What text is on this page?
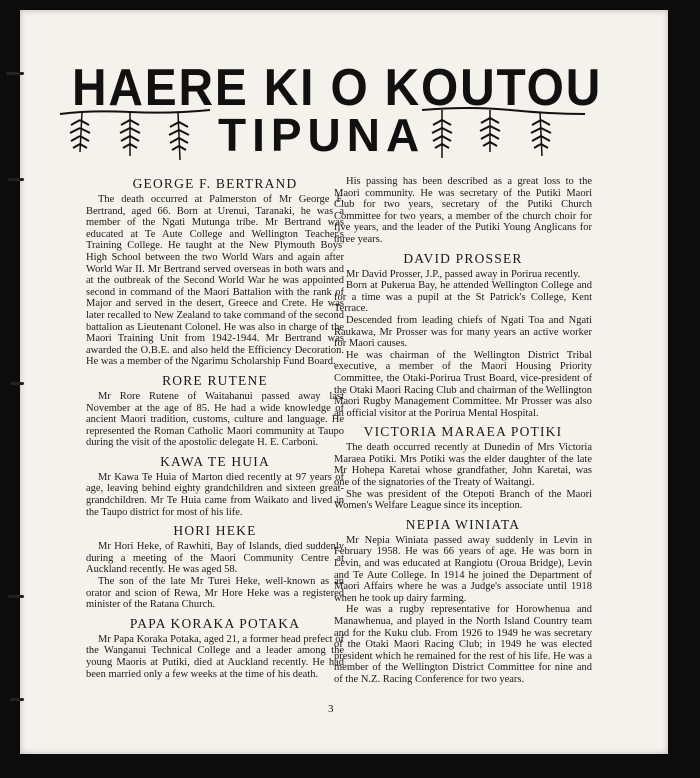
HAERE KI O KOUTOU
TIPUNA
GEORGE F. BERTRAND

The death occurred at Palmerston of Mr George F. Bertrand, aged 66. Born at Urenui, Taranaki, he was a member of the Ngati Mutunga tribe. Mr Bertrand was educated at Te Aute College and Wellington Teacher's Training College. He taught at the New Plymouth Boys' High School between the two World Wars and again after World War II. Mr Bertrand served overseas in both wars and at the outbreak of the Second World War he was appointed second in command of the Maori Battalion with the rank of Major and served in the desert, Greece and Crete. He was later recalled to New Zealand to take command of the second battalion as Lieutenant Colonel. He was also in charge of the Maori Training Unit from 1942-1944. Mr Bertrand was awarded the O.B.E. and also held the Efficiency Decoration. He was a member of the Ngarimu Scholarship Fund Board.

RORE RUTENE

Mr Rore Rutene of Waitahanui passed away last November at the age of 85. He had a wide knowledge of ancient Maori tradition, customs, culture and language. He represented the Roman Catholic Maori community at Taupo during the visit of the apostolic delegate H. E. Carboni.

KAWA TE HUIA

Mr Kawa Te Huia of Marton died recently at 97 years of age, leaving behind eighty grandchildren and sixteen great-grandchildren. Mr Te Huia came from Waikato and lived in the Taupo district for most of his life.

HORI HEKE

Mr Hori Heke, of Rawhiti, Bay of Islands, died suddenly during a meeting of the Maori Community Centre at Auckland recently. He was aged 58.

The son of the late Mr Turei Heke, well-known as an orator and scion of Rewa, Mr Hore Heke was a registered minister of the Ratana Church.

PAPA KORAKA POTAKA

Mr Papa Koraka Potaka, aged 21, a former head prefect of the Wanganui Technical College and a leader among the young Maoris at Putiki, died at Auckland recently. He had been married only a few weeks at the time of his death.

His passing has been described as a great loss to the Maori community. He was secretary of the Putiki Maori Club for two years, secretary of the Putiki Church Committee for two years, a member of the church choir for five years, and the leader of the Putiki Young Anglicans for three years.

DAVID PROSSER

Mr David Prosser, J.P., passed away in Porirua recently.

Born at Pukerua Bay, he attended Wellington College and for a time was a pupil at the St Patrick's College, Kent Terrace.

Descended from leading chiefs of Ngati Toa and Ngati Raukawa, Mr Prosser was for many years an active worker for Maori causes.

He was chairman of the Wellington District Tribal executive, a member of the Maori Housing Priority Committee, the Otaki-Porirua Trust Board, vice-president of the Otaki Maori Racing Club and chairman of the Wellington Maori Rugby Management Committee. Mr Prosser was also an official visitor at the Porirua Mental Hospital.

VICTORIA MARAEA POTIKI

The death occurred recently at Dunedin of Mrs Victoria Maraea Potiki. Mrs Potiki was the elder daughter of the late Mr Hohepa Karetai whose grandfather, John Karetai, was one of the signatories of the Treaty of Waitangi.

She was president of the Otepoti Branch of the Maori Women's Welfare League since its inception.

NEPIA WINIATA

Mr Nepia Winiata passed away suddenly in Levin in February 1958. He was 66 years of age. He was born in Levin, and was educated at Rangiotu (Oroua Bridge), Levin and Te Aute College. In 1914 he joined the Department of Maori Affairs where he was a Judge's associate until 1918 when he took up dairy farming.

He was a rugby representative for Horowhenua and Manawhenua, and played in the North Island Country team and for the Kuku club. From 1926 to 1949 he was secretary of the Otaki Maori Racing Club; in 1949 he was elected president which he remained for the rest of his life. He was a member of the Wellington District Committee for nine and of the N.Z. Racing Conference for two years.

3
